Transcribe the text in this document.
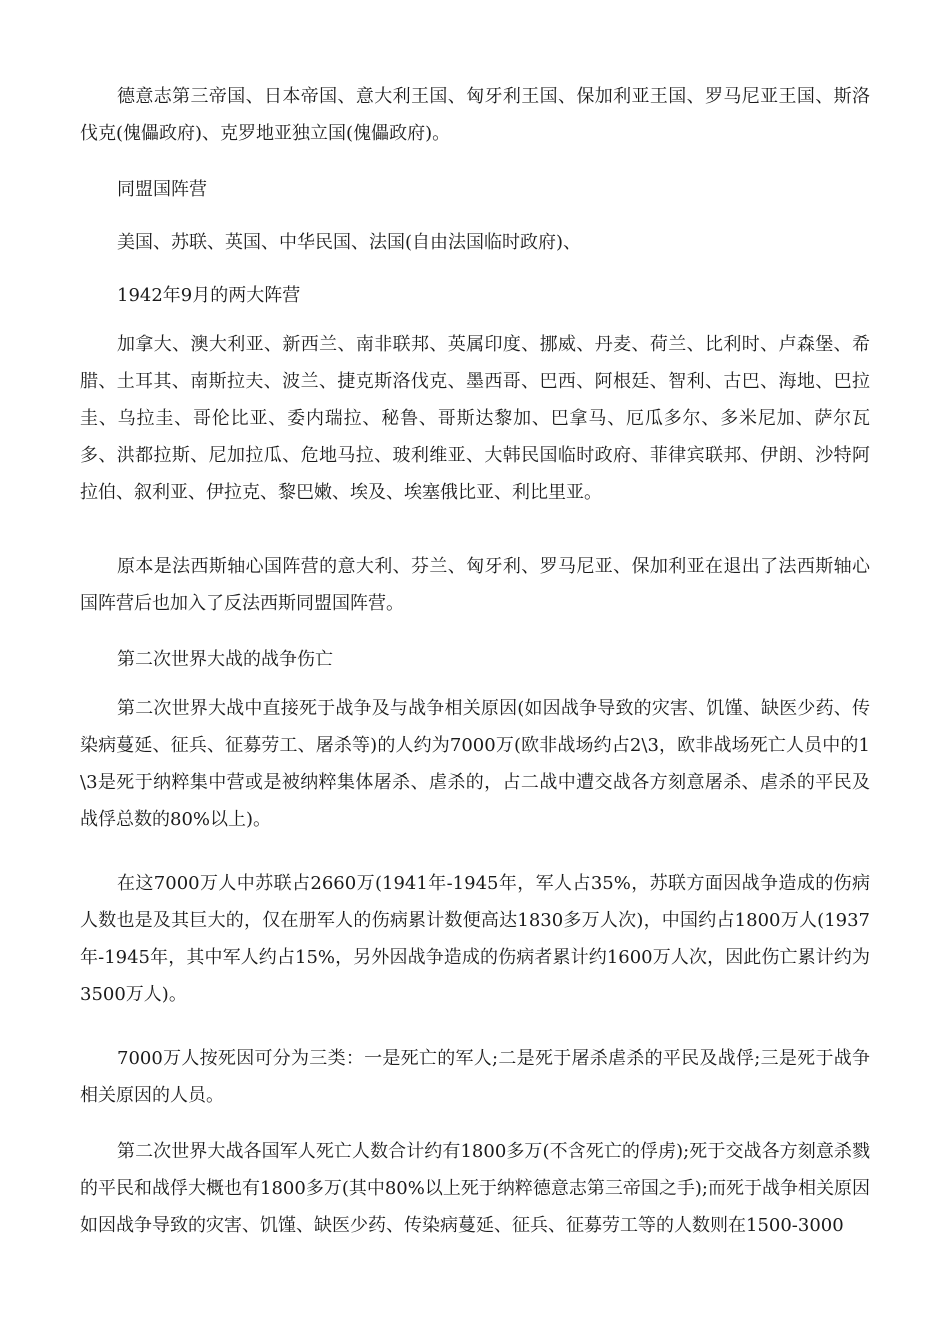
德意志第三帝国、日本帝国、意大利王国、匈牙利王国、保加利亚王国、罗马尼亚王国、斯洛伐克(傀儡政府)、克罗地亚独立国(傀儡政府)。

同盟国阵营

美国、苏联、英国、中华民国、法国(自由法国临时政府)、

1942年9月的两大阵营

加拿大、澳大利亚、新西兰、南非联邦、英属印度、挪威、丹麦、荷兰、比利时、卢森堡、希腊、土耳其、南斯拉夫、波兰、捷克斯洛伐克、墨西哥、巴西、阿根廷、智利、古巴、海地、巴拉圭、乌拉圭、哥伦比亚、委内瑞拉、秘鲁、哥斯达黎加、巴拿马、厄瓜多尔、多米尼加、萨尔瓦多、洪都拉斯、尼加拉瓜、危地马拉、玻利维亚、大韩民国临时政府、菲律宾联邦、伊朗、沙特阿拉伯、叙利亚、伊拉克、黎巴嫩、埃及、埃塞俄比亚、利比里亚。

原本是法西斯轴心国阵营的意大利、芬兰、匈牙利、罗马尼亚、保加利亚在退出了法西斯轴心国阵营后也加入了反法西斯同盟国阵营。

第二次世界大战的战争伤亡

第二次世界大战中直接死于战争及与战争相关原因(如因战争导致的灾害、饥馑、缺医少药、传染病蔓延、征兵、征募劳工、屠杀等)的人约为7000万(欧非战场约占2\3，欧非战场死亡人员中的1\3是死于纳粹集中营或是被纳粹集体屠杀、虐杀的，占二战中遭交战各方刻意屠杀、虐杀的平民及战俘总数的80%以上)。

在这7000万人中苏联占2660万(1941年-1945年，军人占35%，苏联方面因战争造成的伤病人数也是及其巨大的，仅在册军人的伤病累计数便高达1830多万人次)，中国约占1800万人(1937年-1945年，其中军人约占15%，另外因战争造成的伤病者累计约1600万人次，因此伤亡累计约为3500万人)。

7000万人按死因可分为三类：一是死亡的军人;二是死于屠杀虐杀的平民及战俘;三是死于战争相关原因的人员。

第二次世界大战各国军人死亡人数合计约有1800多万(不含死亡的俘虏);死于交战各方刻意杀戮的平民和战俘大概也有1800多万(其中80%以上死于纳粹德意志第三帝国之手);而死于战争相关原因如因战争导致的灾害、饥馑、缺医少药、传染病蔓延、征兵、征募劳工等的人数则在1500-3000
